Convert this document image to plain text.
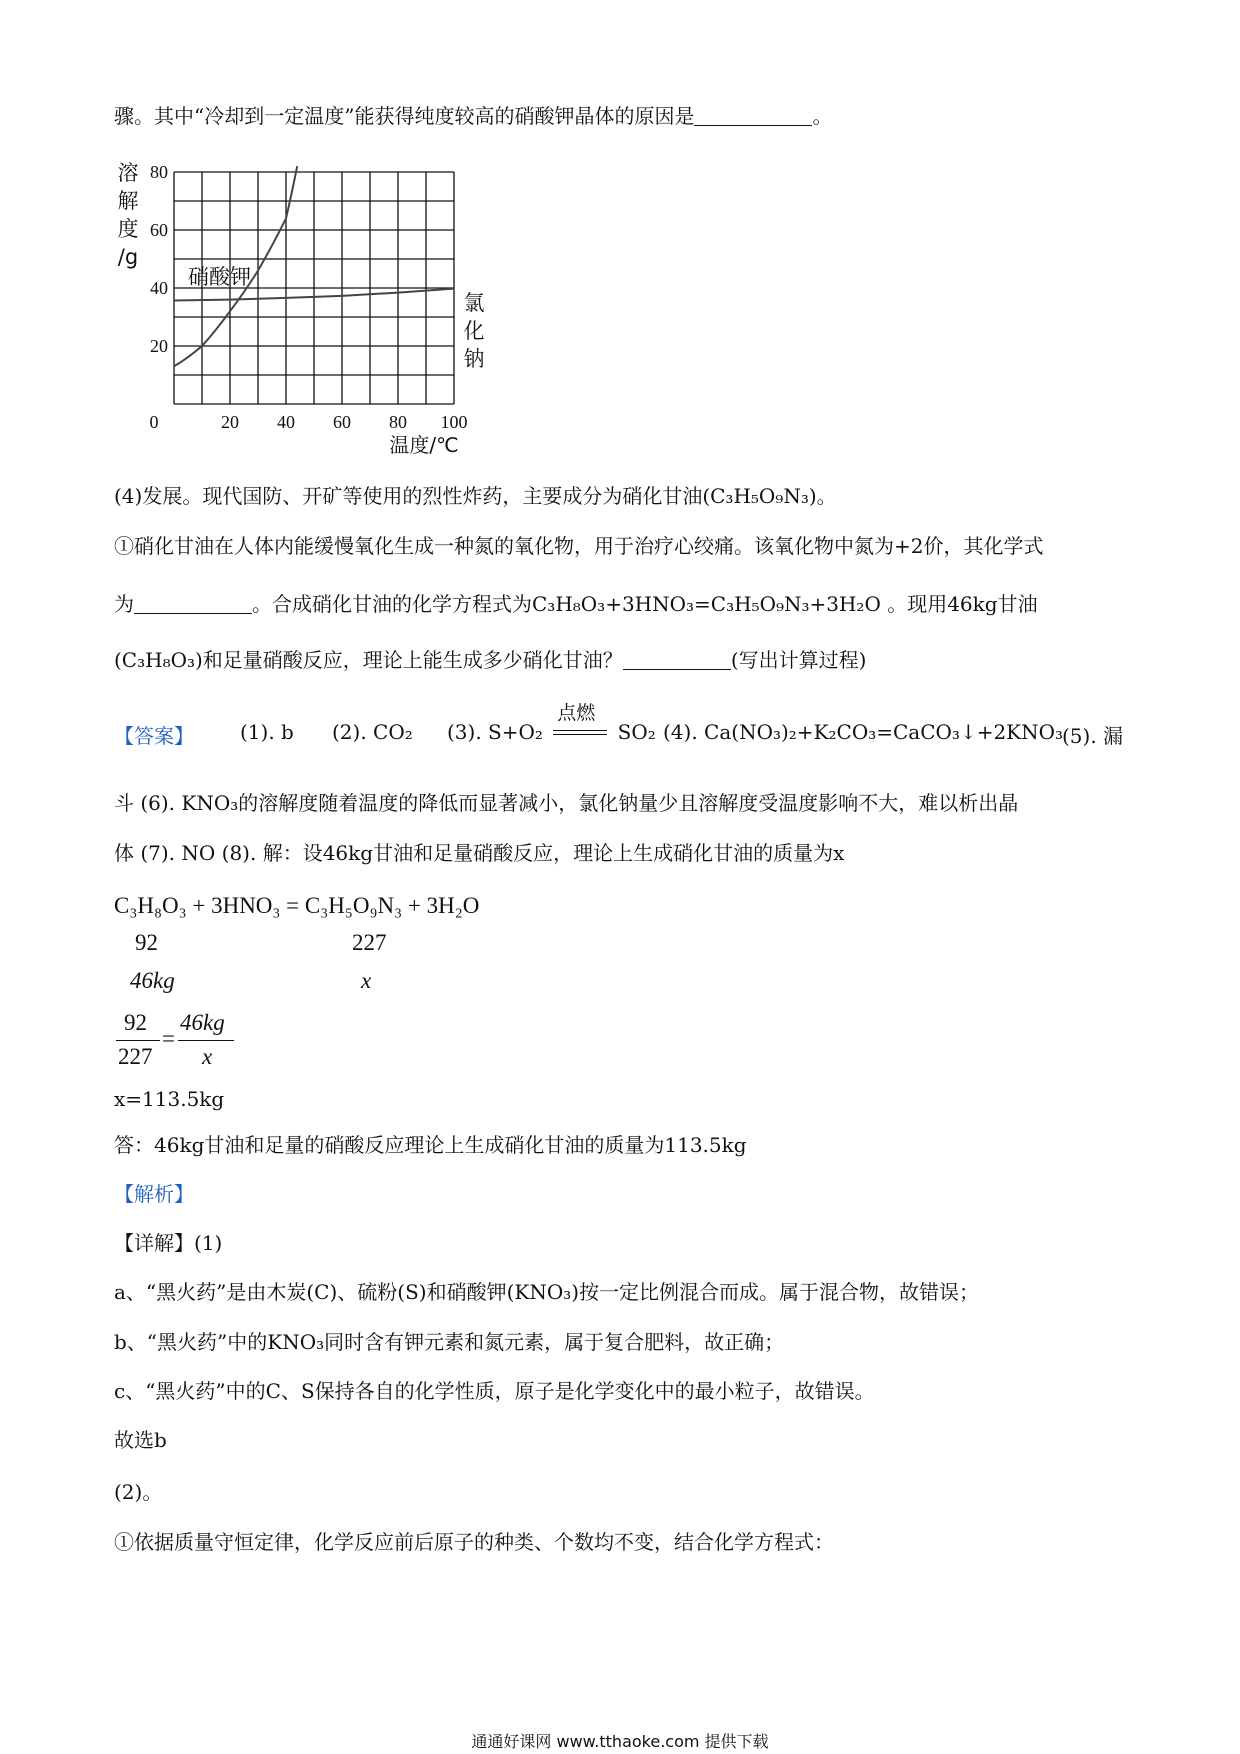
骤。其中“冷却到一定温度”能获得纯度较高的硝酸钾晶体的原因是	。
0	20 40 60 80 100
20
40
60
80
溶
解
度
/g
温度/℃
硝酸钾
氯
化
钠
(4)发展。现代国防、开矿等使用的烈性炸药，主要成分为硝化甘油(C₃H₅O₉N₃)。
①硝化甘油在人体内能缓慢氧化生成一种氮的氧化物，用于治疗心绞痛。该氧化物中氮为+2价，其化学式
为	。合成硝化甘油的化学方程式为C₃H₈O₃+3HNO₃=C₃H₅O₉N₃+3H₂O 。现用46kg甘油
(C₃H₈O₃)和足量硝酸反应，理论上能生成多少硝化甘油？	(写出计算过程)
【答案】 (1). b (2). CO₂ (3). S+O₂
点燃
SO₂ (4). Ca(NO₃)₂+K₂CO₃=CaCO₃↓+2KNO₃
(5). 漏
斗 (6). KNO₃的溶解度随着温度的降低而显著减小，氯化钠量少且溶解度受温度影响不大，难以析出晶
体 (7). NO (8). 解：设46kg甘油和足量硝酸反应，理论上生成硝化甘油的质量为x
C₃H₈O₃ + 3HNO₃ = C₃H₅O₉N₃ + 3H₂O
92	227
46kg	x
92
227
=
46kg
x
x=113.5kg
答：46kg甘油和足量的硝酸反应理论上生成硝化甘油的质量为113.5kg
【解析】
【详解】(1)
a、“黑火药”是由木炭(C)、硫粉(S)和硝酸钾(KNO₃)按一定比例混合而成。属于混合物，故错误；
b、“黑火药”中的KNO₃同时含有钾元素和氮元素，属于复合肥料，故正确；
c、“黑火药”中的C、S保持各自的化学性质，原子是化学变化中的最小粒子，故错误。
故选b
(2)。
①依据质量守恒定律，化学反应前后原子的种类、个数均不变，结合化学方程式：
通通好课网 www.tthaoke.com 提供下载
